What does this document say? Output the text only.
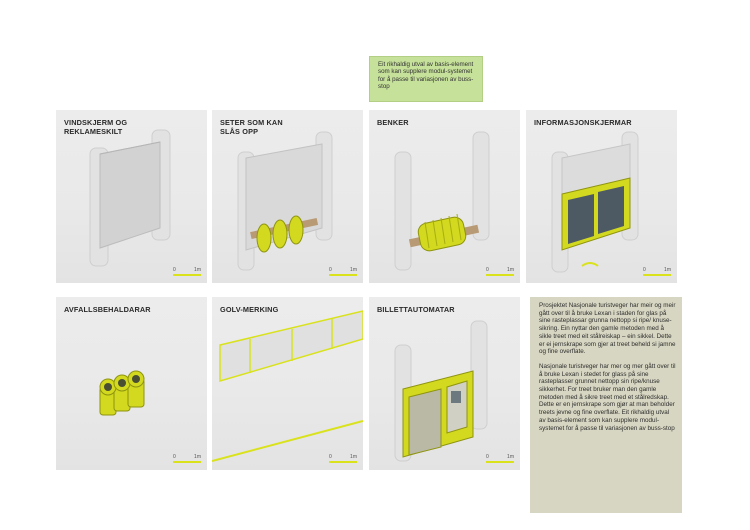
Eit rikhaldig utval av basis-element som kan supplere modul-systemet for å passe til variasjonen av buss-stop
VINDSKJERM OG
REKLAMESKILT
0	1m
SETER SOM KAN
SLÅS OPP
0	1m
BENKER
0	1m
INFORMASJONSKJERMAR
0	1m
AVFALLSBEHALDARAR
0	1m
GOLV-MERKING
0	1m
BILLETTAUTOMATAR
0	1m

Prosjektet Nasjonale turistveger har meir og meir gått over til å bruke Lexan i staden for glas på sine rasteplassar grunna nettopp si ripe/ knuse-sikring. Ein nyttar den gamle metoden med å sikle treet med eit stålreiskap – ein sikkel. Dette er ei jernskrape som gjer at treet beheld si jamne og fine overflate.

Nasjonale turistveger har mer og mer gått over til å bruke Lexan i stedet for glass på sine rasteplasser grunnet nettopp sin ripe/knuse sikkerhet. For treet bruker man den gamle metoden med å sikre treet med et stålredskap. Dette er en jernskrape som gjør at man beholder treets jevne og fine overflate. Eit rikhaldig utval av basis-element som kan supplere modul-systemet for å passe til variasjonen av buss-stop
